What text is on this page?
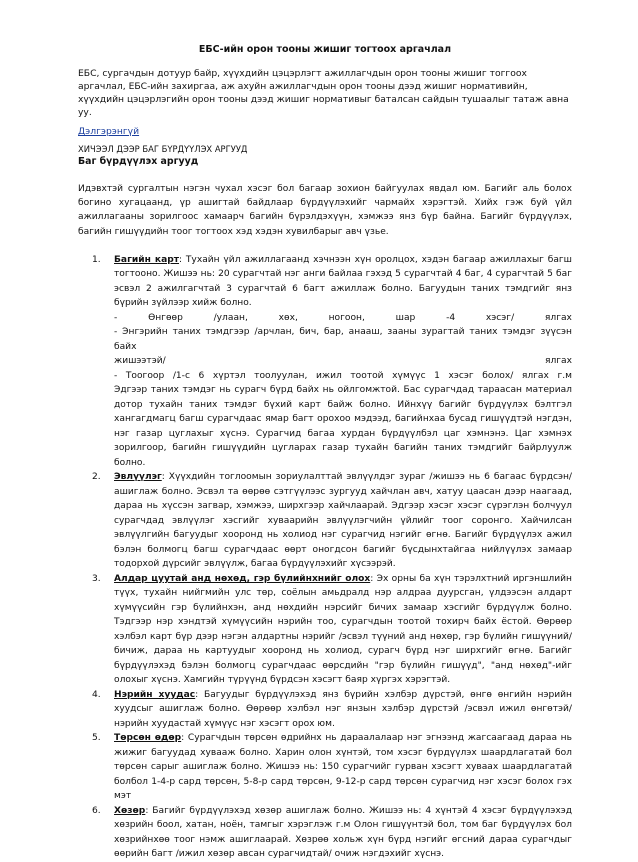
ЕБС-ийн орон тооны жишиг тогтоох аргачлал

ЕБС, сургачдын дотуур байр, хүүхдийн цэцэрлэгт ажиллагчдын орон тооны жишиг тоггоох аргачлал, ЕБС-ийн захиргаа, аж ахуйн ажиллагчдын орон тооны дээд жишиг нормативийн, хүүхдийн цэцэрлэгийн орон тооны дээд жишиг нормативыг баталсан сайдын тушаалыг татаж авна уу.

Дэлгэрэнгүй
ХИЧЭЭЛ ДЭЭР БАГ БҮРДҮҮЛЭХ АРГУУД

Баг бүрдүүлэх аргууд

Идэвхтэй сургалтын нэгэн чухал хэсэг бол багаар зохион байгуулах явдал юм. Багийг аль болох богино хугацаанд, үр ашигтай байдлаар бүрдүүлэхийг чармайх хэрэгтэй. Хийх гэж буй үйл ажиллагааны зорилгоос хамаарч багийн бүрэлдэхүүн, хэмжээ янз бүр байна. Багийг бүрдүүлэх, багийн гишүүдийн тоог тогтоох хэд хэдэн хувилбарыг авч үзье.

1. Багийн карт: Тухайн үйл ажиллагаанд хэчнээн хүн оролцох, хэдэн багаар ажиллахыг багш тогтооно. Жишээ нь: 20 сурагчтай нэг анги байлаа гэхэд 5 сурагчтай 4 баг, 4 сурагчтай 5 баг эсвэл 2 ажилгагчтай 3 сурагчтай 6 багт ажиллаж болно. Багуудын таних тэмдгийг янз бүрийн зүйлээр хийж болно.
-	Өнгөөр	/улаан,	хөх,	ногоон,	шар	-4	хэсэг/	ялгах
- Энгэрийн таних тэмдгээр /арчлан, бич, бар, анааш, зааны зурагтай таних тэмдэг зүүсэн байх
жишээтэй/	ялгах
- Тоогоор /1-с 6 хүртэл тоолуулан, ижил тоотой хүмүүс 1 хэсэг болох/ ялгах г.м
Эдгээр таних тэмдэг нь сурагч бүрд байх нь ойлгомжтой. Бас сурагчдад тараасан материал дотор тухайн таних тэмдэг бүхий карт байж болно. Ийнхүү багийг бүрдүүлэх бэлтгэл хангагдмагц багш сурагчдаас ямар багт орохоо мэдээд, багийнхаа бусад гишүүдтэй нэгдэн, нэг газар цуглахыг хүснэ. Сурагчид багаа хурдан бүрдүүлбэл цаг хэмнэнэ. Цаг хэмнэх зорилгоор, багийн гишүүдийн цугларах газар тухайн багийн таних тэмдгийг байрлуулж болно.
2. Эвлүүлэг: Хүүхдийн тоглоомын зориулалттай эвлүүлдэг зураг /жишээ нь 6 багааc бүрдсэн/ ашиглаж болно. Эсвэл та өөрөө сэтгүүлээс зургууд хайчлан авч, хатуу цаасан дээр наагаад, дараа нь хүссэн загвар, хэмжээ, ширхгээр хайчлаарай. Эдгээр хэсэг хэсэг сүрэглэн болчуул сурагчдад эвлүүлэг хэсгийг хуваарийн эвлүүлэгчийн үйлийг тоог соронго. Хайчилсан эвлүүлгийн багуудыг хооронд нь холиод нэг сурагчид нэгийг өгнө. Багийг бүрдүүлэх ажил бэлэн болмогц багш сурагчдаас өөрт оногдсон багийг бүсдынхтайгаа нийлүүлэх замаар тодорхой дүрсийг эвлүүлж, багаа бүрдүүлэхийг хүсээрэй.
3. Алдар цуутай анд нөхөд, гэр бүлийнхнийг олох: Эх орны ба хүн тэрэлхтний иргэншлийн түүх, тухайн нийгмийн улс төр, соёлын амьдралд нэр алдраа дуурсган, үлдээсэн алдарт хүмүүсийн гэр бүлийнхэн, анд нөхдийн нэрсийг бичих замаар хэсгийг бүрдүүлж болно. Тэдгээр нэр хэндтэй хүмүүсийн нэрийн тоо, сурагчдын тоотой тохирч байх ёстой. Өөрөөр хэлбэл карт бүр дээр нэгэн алдартны нэрийг /эсвэл түүний анд нөхөр, гэр бүлийн гишүүний/ бичиж, дараа нь картуудыг хооронд нь холиод, сурагч бүрд нэг ширхгийг өгнө. Багийг бүрдүүлэхэд бэлэн болмогц сурагчдаас өөрсдийн "гэр бүлийн гишүүд", "анд нөхөд"-ийг олохыг хүснэ. Хамгийн түрүүнд бүрдсэн хэсэгт баяр хүргэх хэрэгтэй.
4. Нэрийн хуудас: Багуудыг бүрдүүлэхэд янз бүрийн хэлбэр дүрстэй, өнгө өнгийн нэрийн хуудсыг ашиглаж болно. Өөрөөр хэлбэл нэг янзын хэлбэр дүрстэй /эсвэл ижил өнгөтэй/ нэрийн хуудастай хүмүүс нэг хэсэгт орох юм.
5. Төрсөн өдөр: Сурагчдын төрсөн өдрийнх нь дараалалаар нэг эгнээнд жагсаагаад дараа нь жижиг багуудад хувааж болно. Харин олон хүнтэй, том хэсэг бүрдүүлэх шаардлагатай бол төрсөн сарыг ашиглаж болно. Жишээ нь: 150 сурагчийг гурван хэсэгт хуваах шаардлагатай болбол 1-4-р сард төрсөн, 5-8-р сард төрсөн, 9-12-р сард төрсөн сурагчид нэг хэсэг болох гэх мэт
6. Хөзөр: Багийг бүрдүүлэхэд хөзөр ашиглаж болно. Жишээ нь: 4 хүнтэй 4 хэсэг бүрдүүлэхэд хөзрийн боол, хатан, ноён, тамгыг хэрэглэж г.м Олон гишүүнтэй бол, том баг бүрдүүлэх бол хөзрийнхөө тоог нэмж ашиглаарай. Хөзрөө хольж хүн бүрд нэгийг өгсний дараа сурагчдыг өөрийн багт /ижил хөзөр авсан сурагчидтай/ очиж нэгдэхийг хүснэ.
